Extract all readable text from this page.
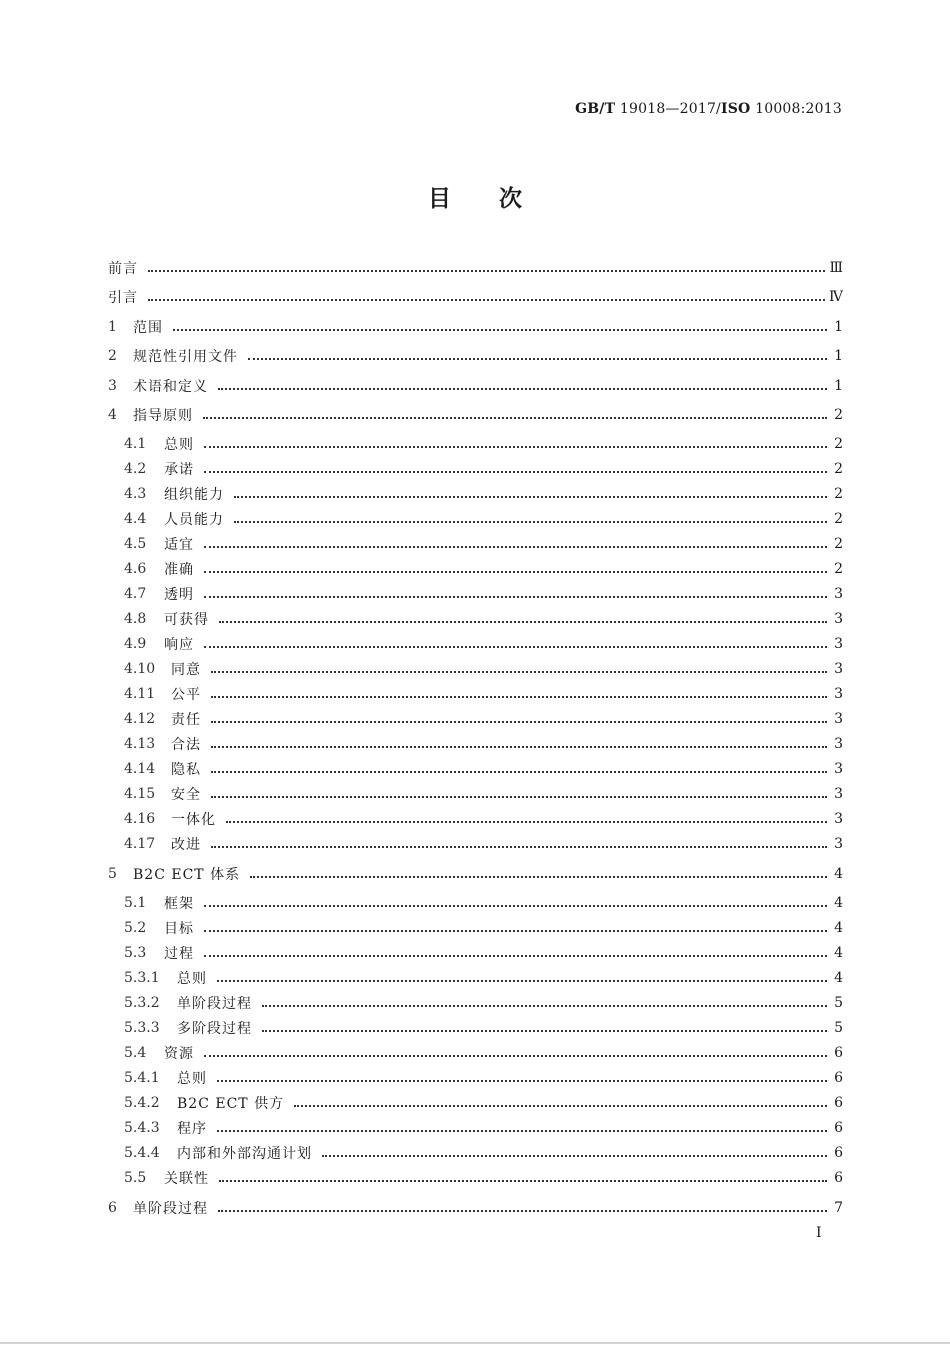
GB/T 19018—2017/ISO 10008:2013
目次
前言	Ⅲ
引言	Ⅳ
1	范围	1
2	规范性引用文件	1
3	术语和定义	1
4	指导原则	2
4.1	总则	2
4.2	承诺	2
4.3	组织能力	2
4.4	人员能力	2
4.5	适宜	2
4.6	准确	2
4.7	透明	3
4.8	可获得	3
4.9	响应	3
4.10	同意	3
4.11	公平	3
4.12	责任	3
4.13	合法	3
4.14	隐私	3
4.15	安全	3
4.16	一体化	3
4.17	改进	3
5	B2C ECT 体系	4
5.1	框架	4
5.2	目标	4
5.3	过程	4
5.3.1	总则	4
5.3.2	单阶段过程	5
5.3.3	多阶段过程	5
5.4	资源	6
5.4.1	总则	6
5.4.2	B2C ECT 供方	6
5.4.3	程序	6
5.4.4	内部和外部沟通计划	6
5.5	关联性	6
6	单阶段过程	7
I
